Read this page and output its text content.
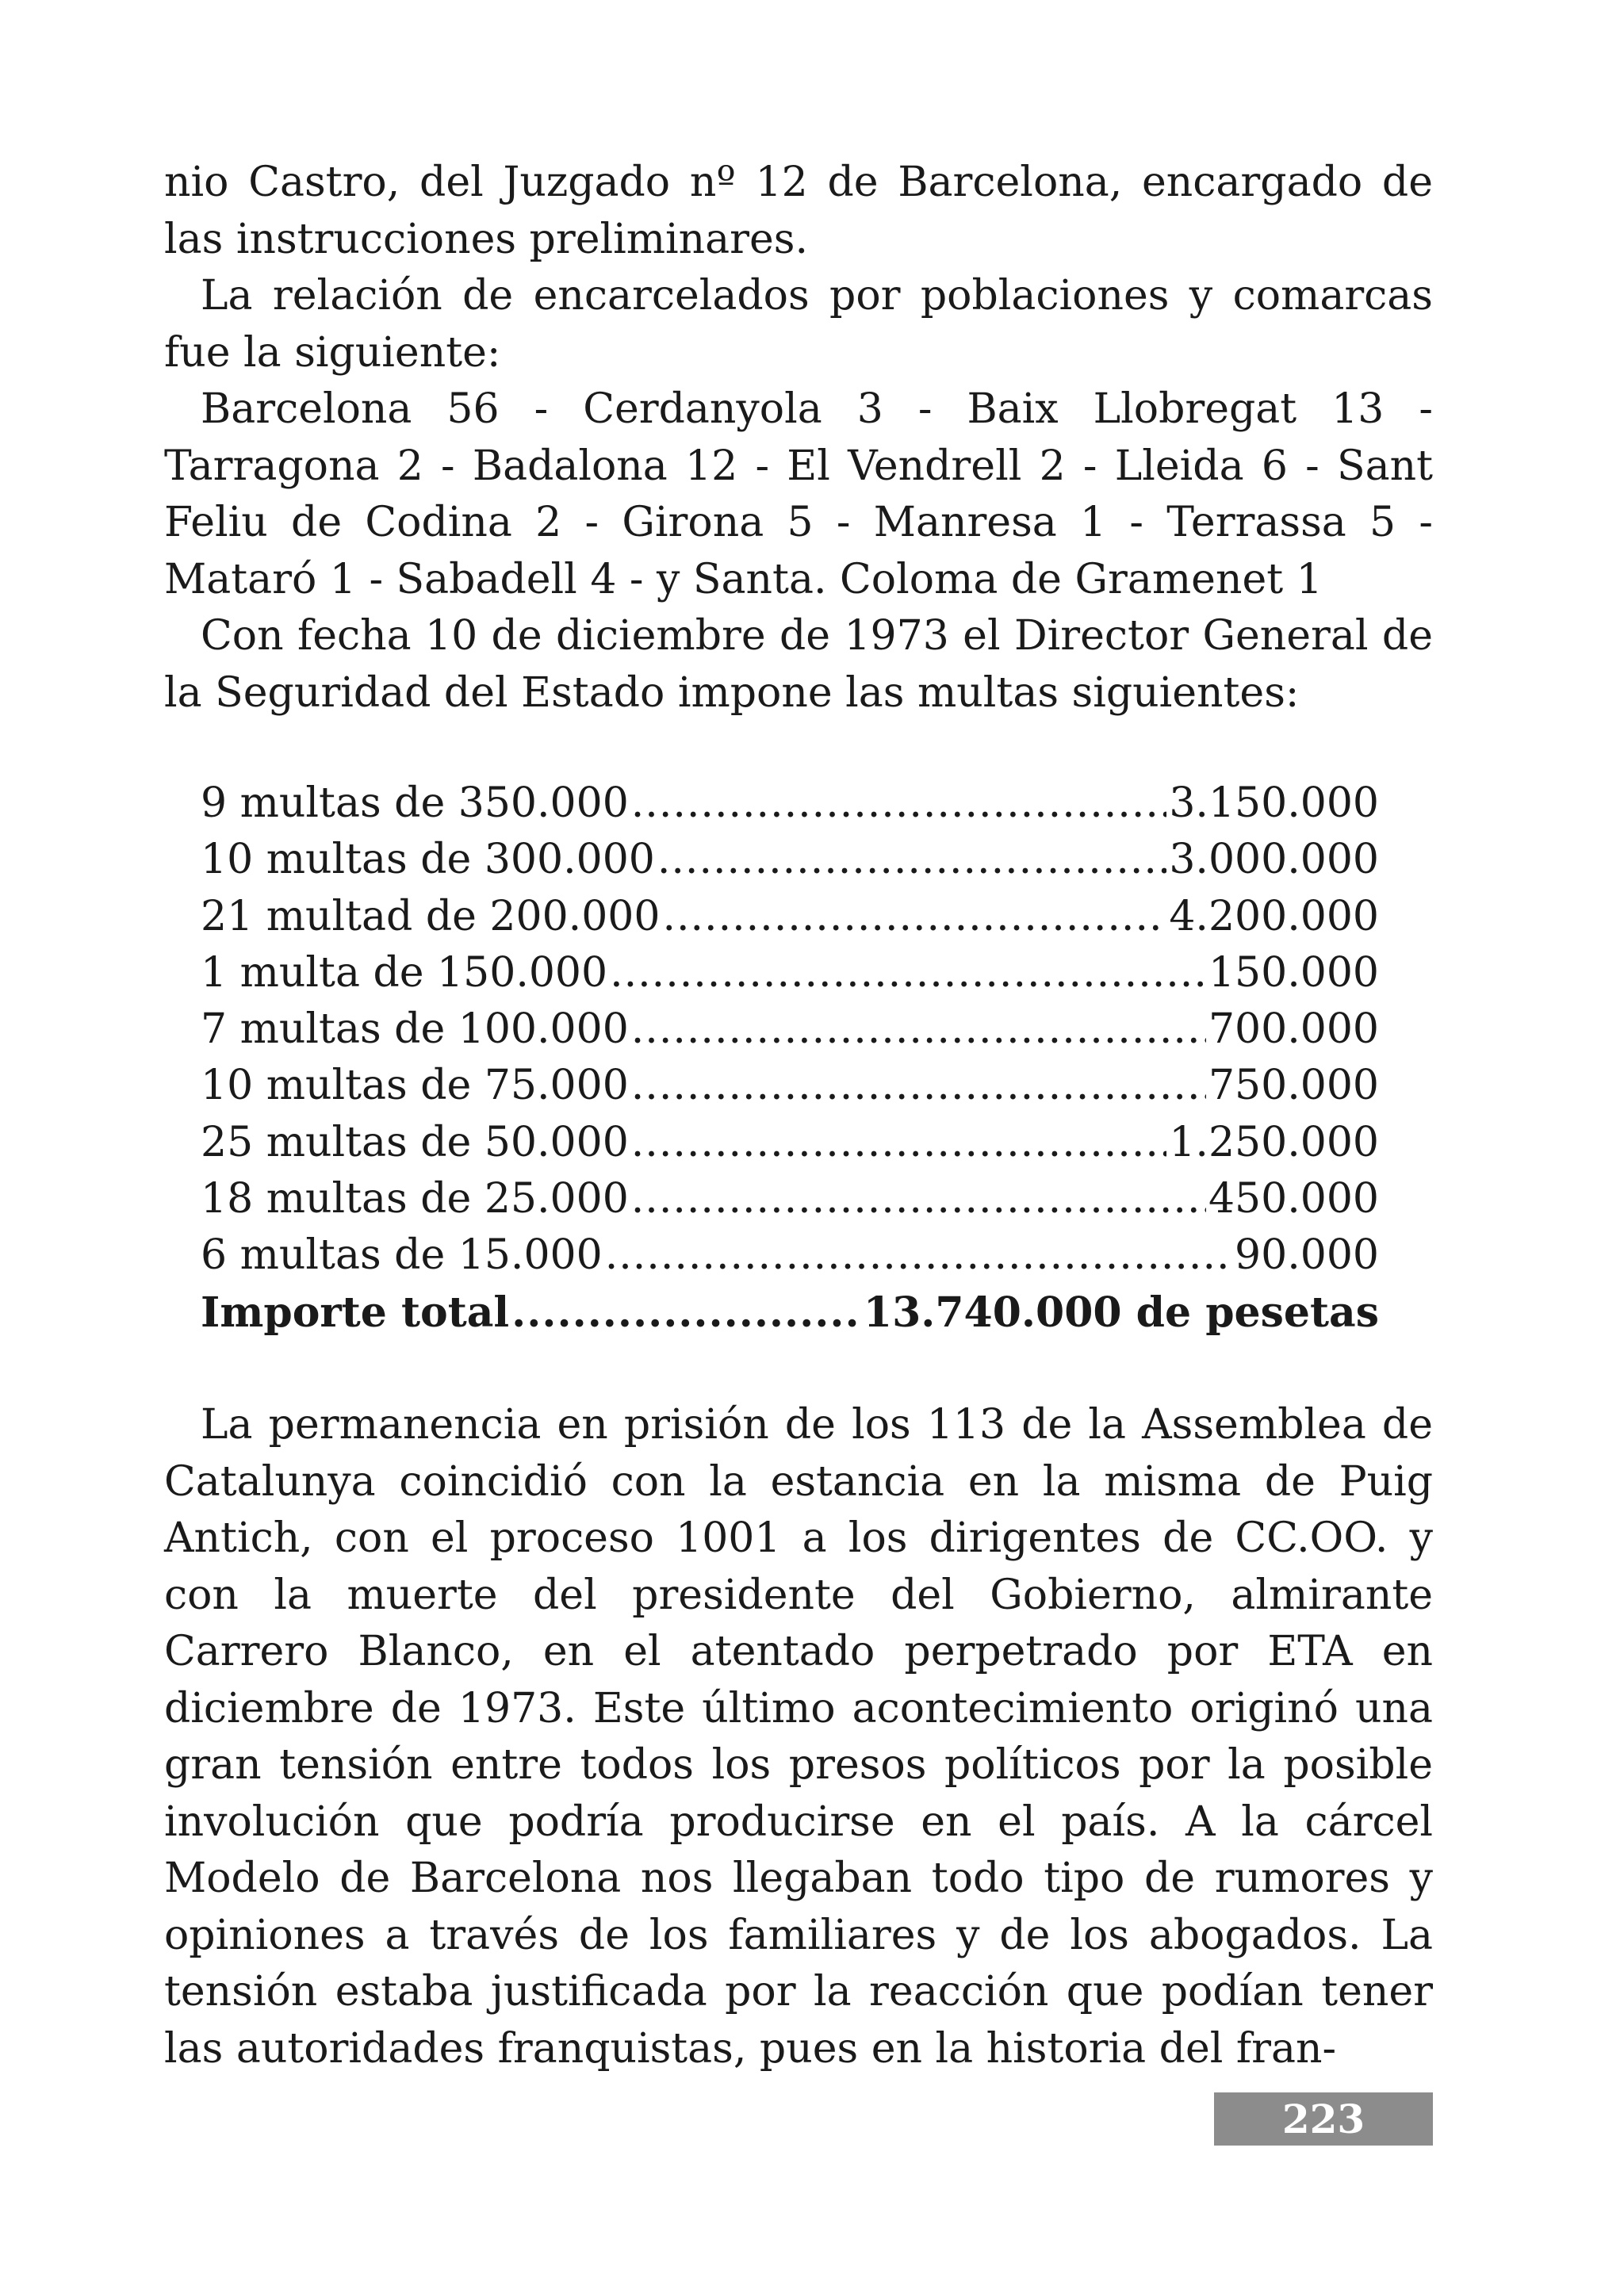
nio Castro, del Juzgado nº 12 de Barcelona, encargado de las instrucciones preliminares.

La relación de encarcelados por poblaciones y comarcas fue la siguiente:

Barcelona 56 - Cerdanyola 3 - Baix Llobregat 13 - Tarragona 2 - Badalona 12 - El Vendrell 2 - Lleida 6 - Sant Feliu de Codina 2 - Girona 5 - Manresa 1 - Terrassa 5 - Mataró 1 - Sabadell 4 - y Santa. Coloma de Gramenet 1

Con fecha 10 de diciembre de 1973 el Director General de la Seguridad del Estado impone las multas siguientes:

9 multas de 350.000 .....	3.150.000
10 multas de 300.000 .....	3.000.000
21 multad de 200.000 .....	4.200.000
1 multa de 150.000 .....	150.000
7 multas de 100.000 .....	700.000
10 multas de 75.000 .....	750.000
25 multas de 50.000 .....	1.250.000
18 multas de 25.000 .....	450.000
6 multas de 15.000 .....	90.000
Importe total .....	13.740.000 de pesetas

La permanencia en prisión de los 113 de la Assemblea de Catalunya coincidió con la estancia en la misma de Puig Antich, con el proceso 1001 a los dirigentes de CC.OO. y con la muerte del presidente del Gobierno, almirante Carrero Blanco, en el atentado perpetrado por ETA en diciembre de 1973. Este último acontecimiento originó una gran tensión entre todos los presos políticos por la posible involución que podría producirse en el país. A la cárcel Modelo de Barcelona nos llegaban todo tipo de rumores y opiniones a través de los familiares y de los abogados. La tensión estaba justificada por la reacción que podían tener las autoridades franquistas, pues en la historia del fran-

223
